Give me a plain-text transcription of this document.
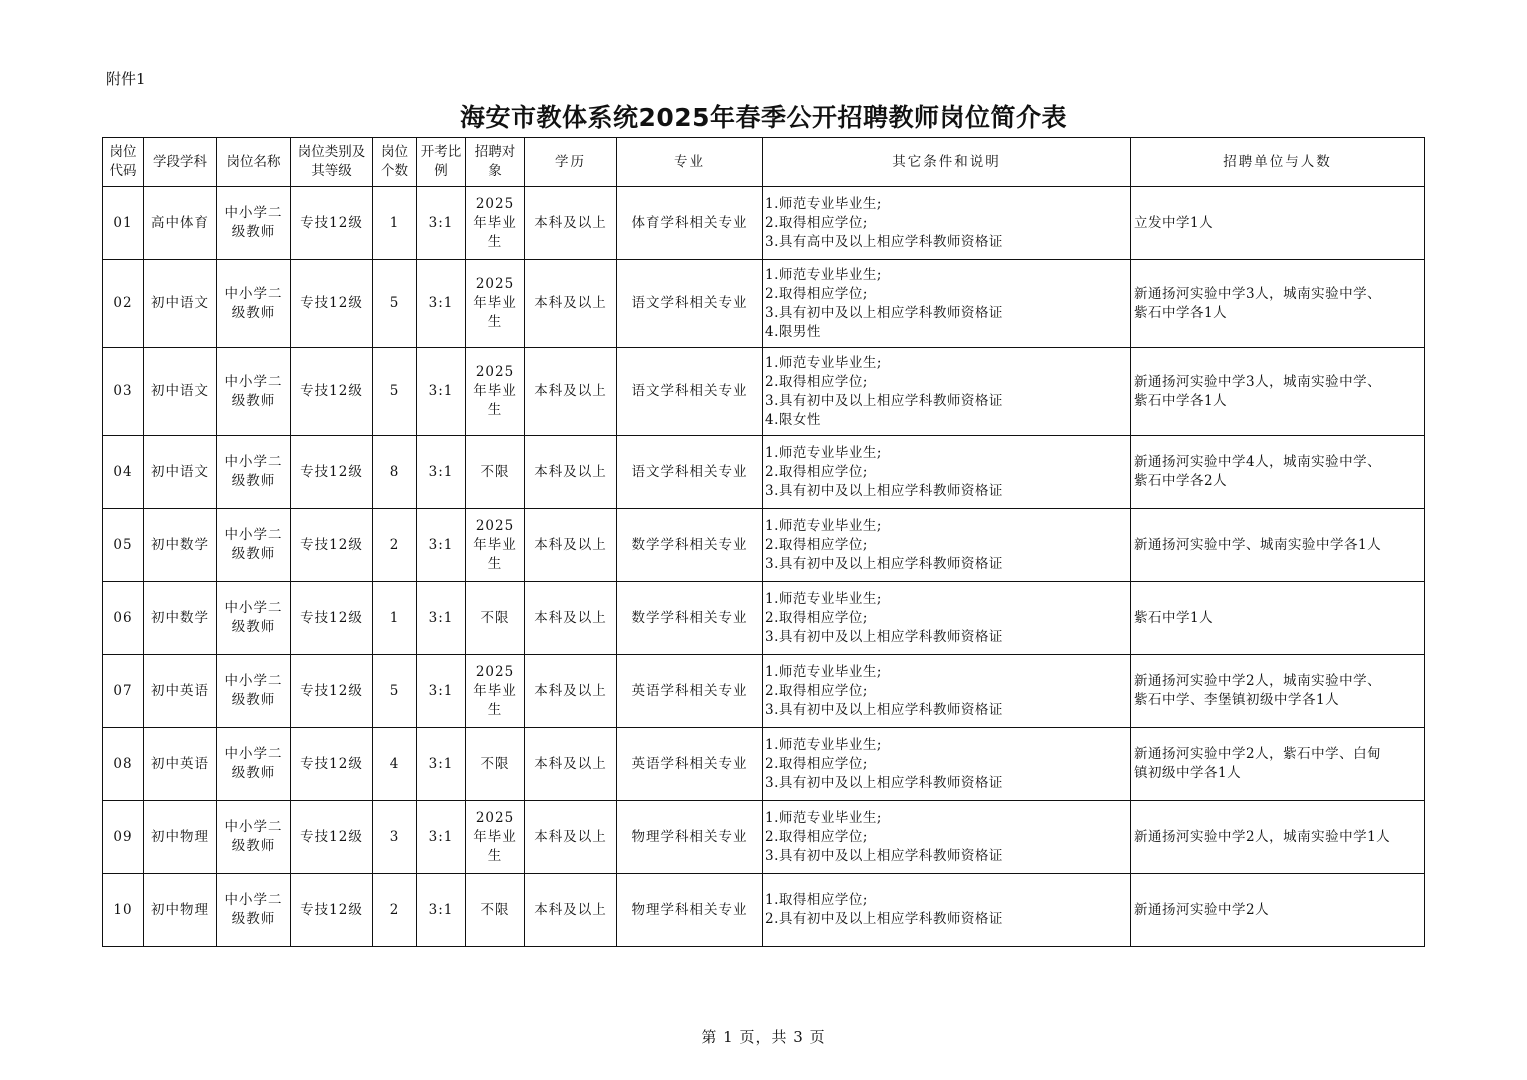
附件1
海安市教体系统2025年春季公开招聘教师岗位简介表
岗位代码	学段学科	岗位名称	岗位类别及其等级	岗位个数	开考比例	招聘对象	学历	专业	其它条件和说明	招聘单位与人数
01	高中体育	中小学二级教师	专技12级	1	3:1	2025年毕业生	本科及以上	体育学科相关专业	1.师范专业毕业生;
2.取得相应学位;
3.具有高中及以上相应学科教师资格证	立发中学1人

02	初中语文	中小学二级教师	专技12级	5	3:1	2025年毕业生	本科及以上	语文学科相关专业	1.师范专业毕业生;
2.取得相应学位;
3.具有初中及以上相应学科教师资格证
4.限男性	新通扬河实验中学3人，城南实验中学、
紫石中学各1人

03	初中语文	中小学二级教师	专技12级	5	3:1	2025年毕业生	本科及以上	语文学科相关专业	1.师范专业毕业生;
2.取得相应学位;
3.具有初中及以上相应学科教师资格证
4.限女性	新通扬河实验中学3人，城南实验中学、
紫石中学各1人

04	初中语文	中小学二级教师	专技12级	8	3:1	不限	本科及以上	语文学科相关专业	1.师范专业毕业生;
2.取得相应学位;
3.具有初中及以上相应学科教师资格证	新通扬河实验中学4人，城南实验中学、
紫石中学各2人

05	初中数学	中小学二级教师	专技12级	2	3:1	2025年毕业生	本科及以上	数学学科相关专业	1.师范专业毕业生;
2.取得相应学位;
3.具有初中及以上相应学科教师资格证	新通扬河实验中学、城南实验中学各1人

06	初中数学	中小学二级教师	专技12级	1	3:1	不限	本科及以上	数学学科相关专业	1.师范专业毕业生;
2.取得相应学位;
3.具有初中及以上相应学科教师资格证	紫石中学1人

07	初中英语	中小学二级教师	专技12级	5	3:1	2025年毕业生	本科及以上	英语学科相关专业	1.师范专业毕业生;
2.取得相应学位;
3.具有初中及以上相应学科教师资格证	新通扬河实验中学2人，城南实验中学、
紫石中学、李堡镇初级中学各1人

08	初中英语	中小学二级教师	专技12级	4	3:1	不限	本科及以上	英语学科相关专业	1.师范专业毕业生;
2.取得相应学位;
3.具有初中及以上相应学科教师资格证	新通扬河实验中学2人，紫石中学、白甸
镇初级中学各1人

09	初中物理	中小学二级教师	专技12级	3	3:1	2025年毕业生	本科及以上	物理学科相关专业	1.师范专业毕业生;
2.取得相应学位;
3.具有初中及以上相应学科教师资格证	新通扬河实验中学2人，城南实验中学1人

10	初中物理	中小学二级教师	专技12级	2	3:1	不限	本科及以上	物理学科相关专业	1.取得相应学位;
2.具有初中及以上相应学科教师资格证	新通扬河实验中学2人
第 1 页，共 3 页
